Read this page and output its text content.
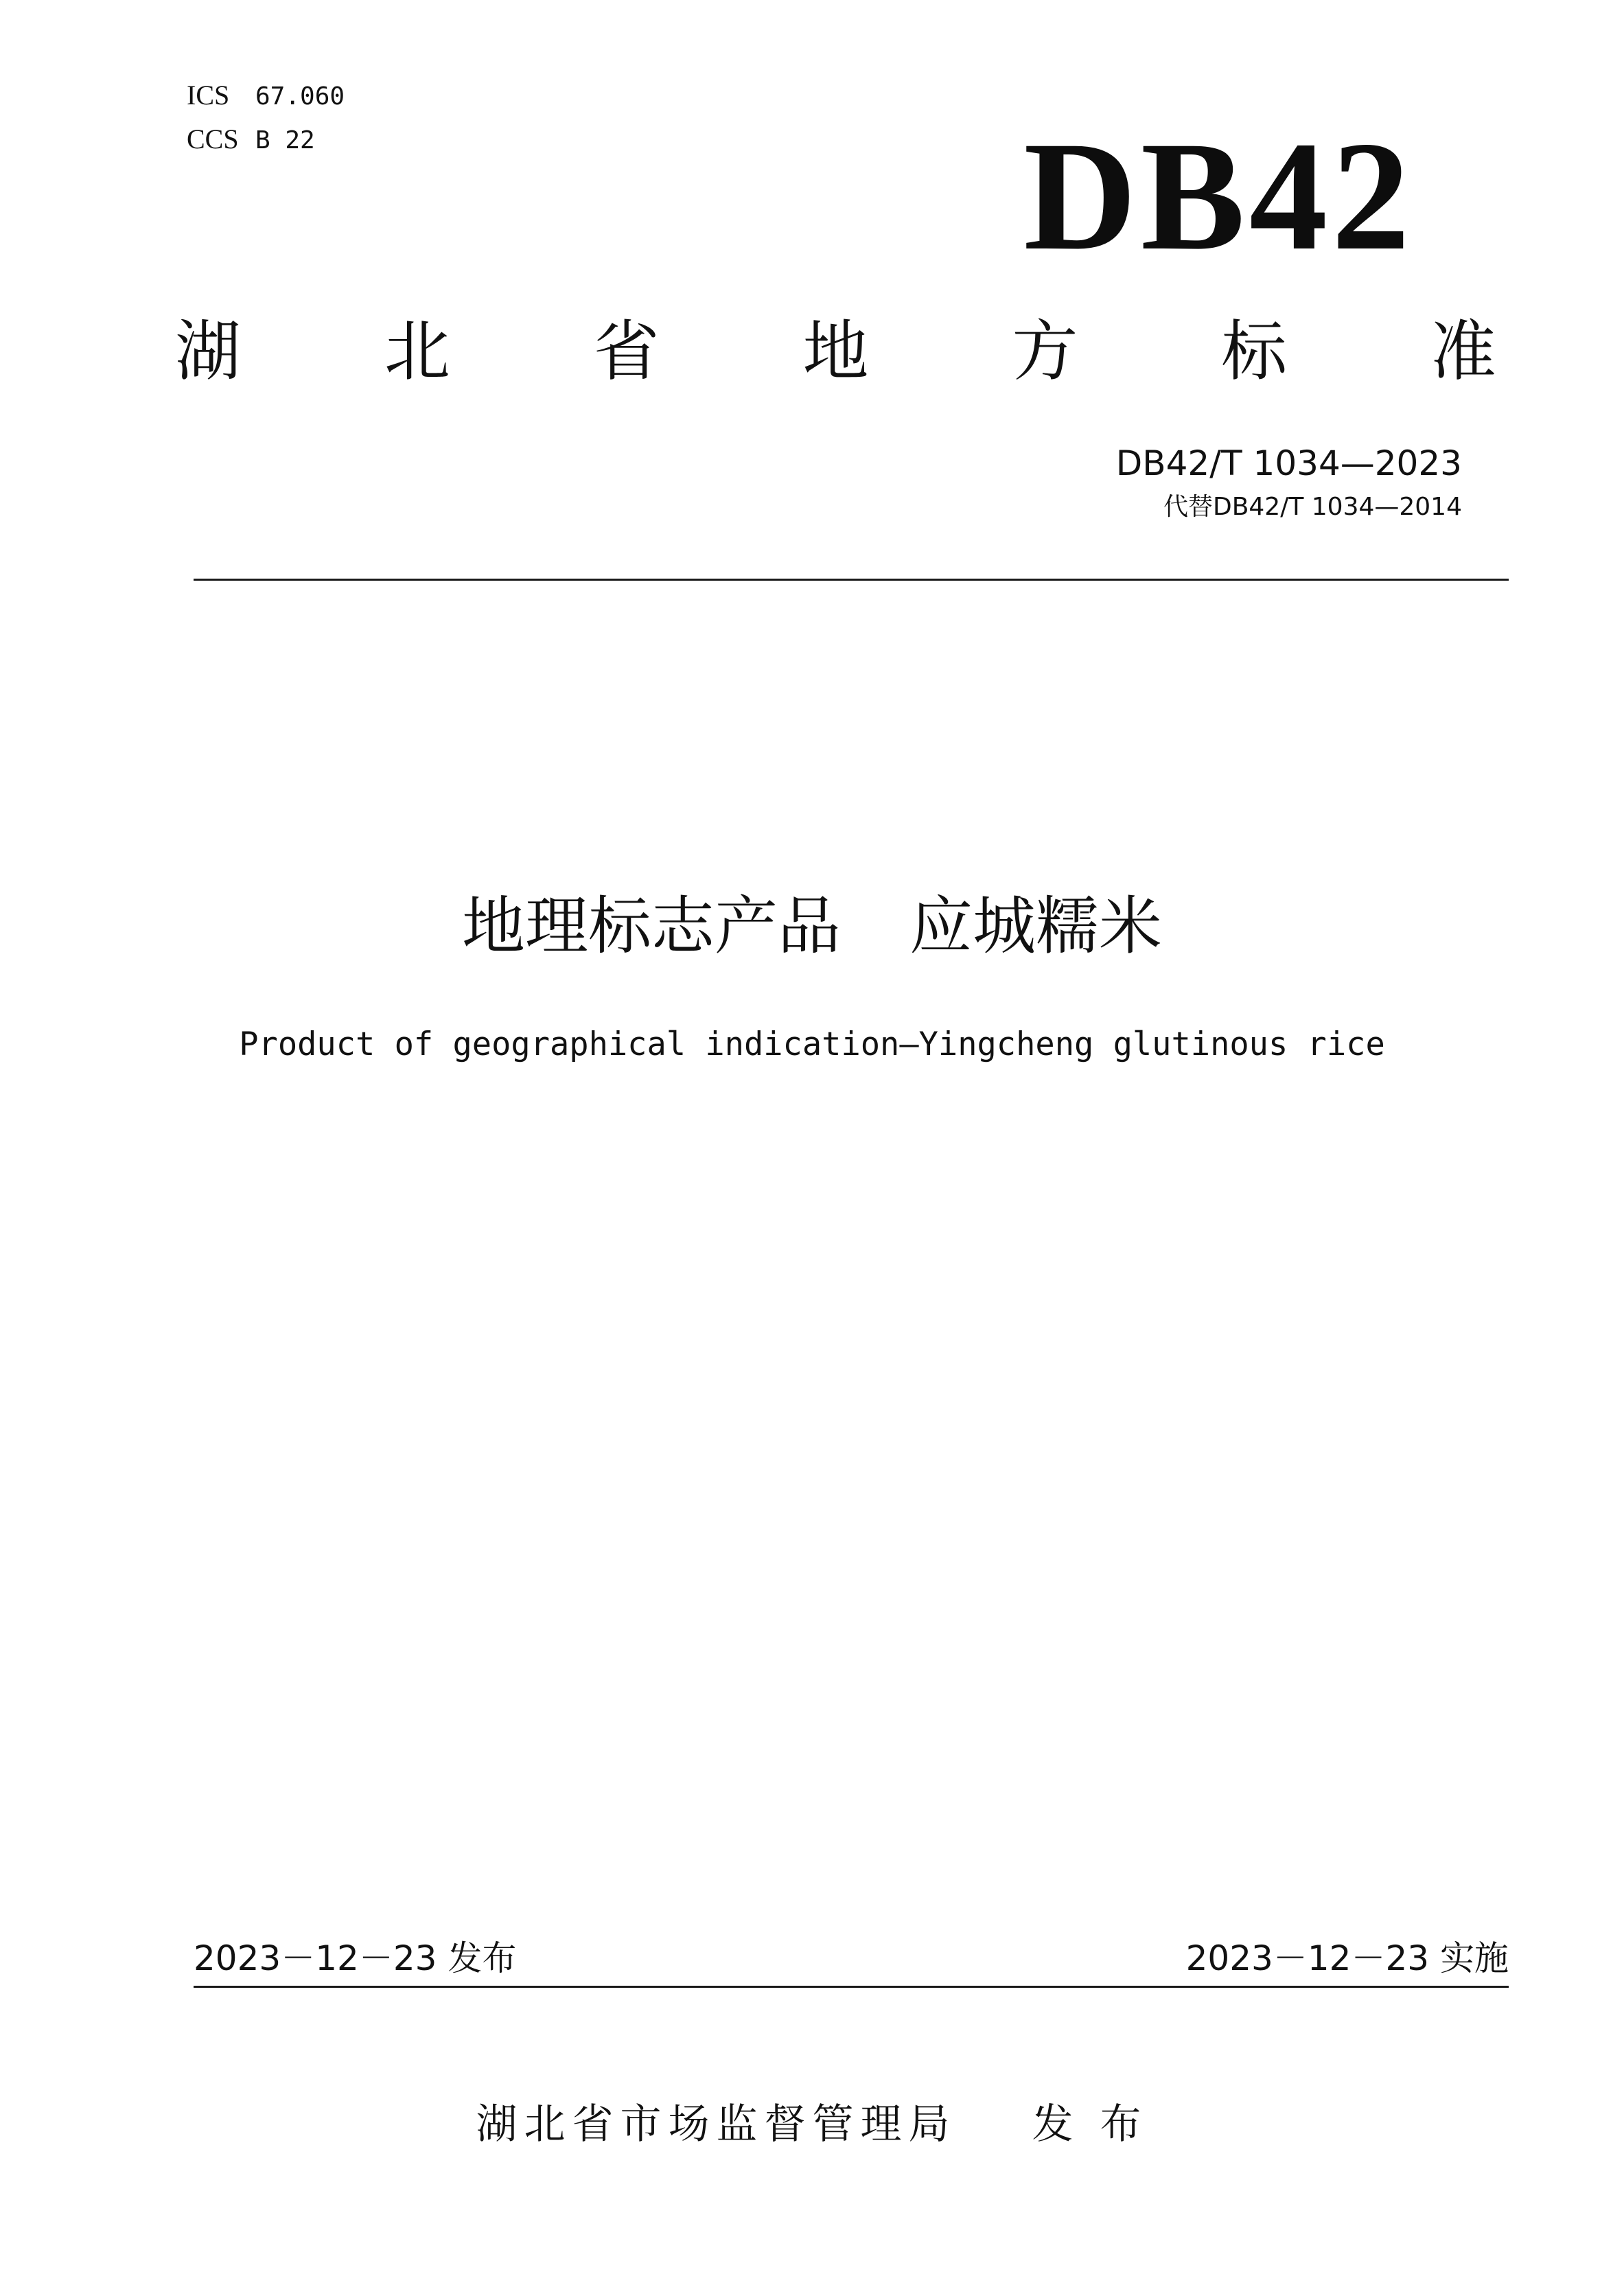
ICS	67.060
CCS B 22	DB42
湖 北 省 地 方 标 准
DB42/T 1034—2023
代替DB42/T 1034—2014
地理标志产品 应城糯米
Product of geographical indication—Yingcheng glutinous rice
2023－12－23 发布	2023－12－23 实施
湖北省市场监督管理局 发 布
